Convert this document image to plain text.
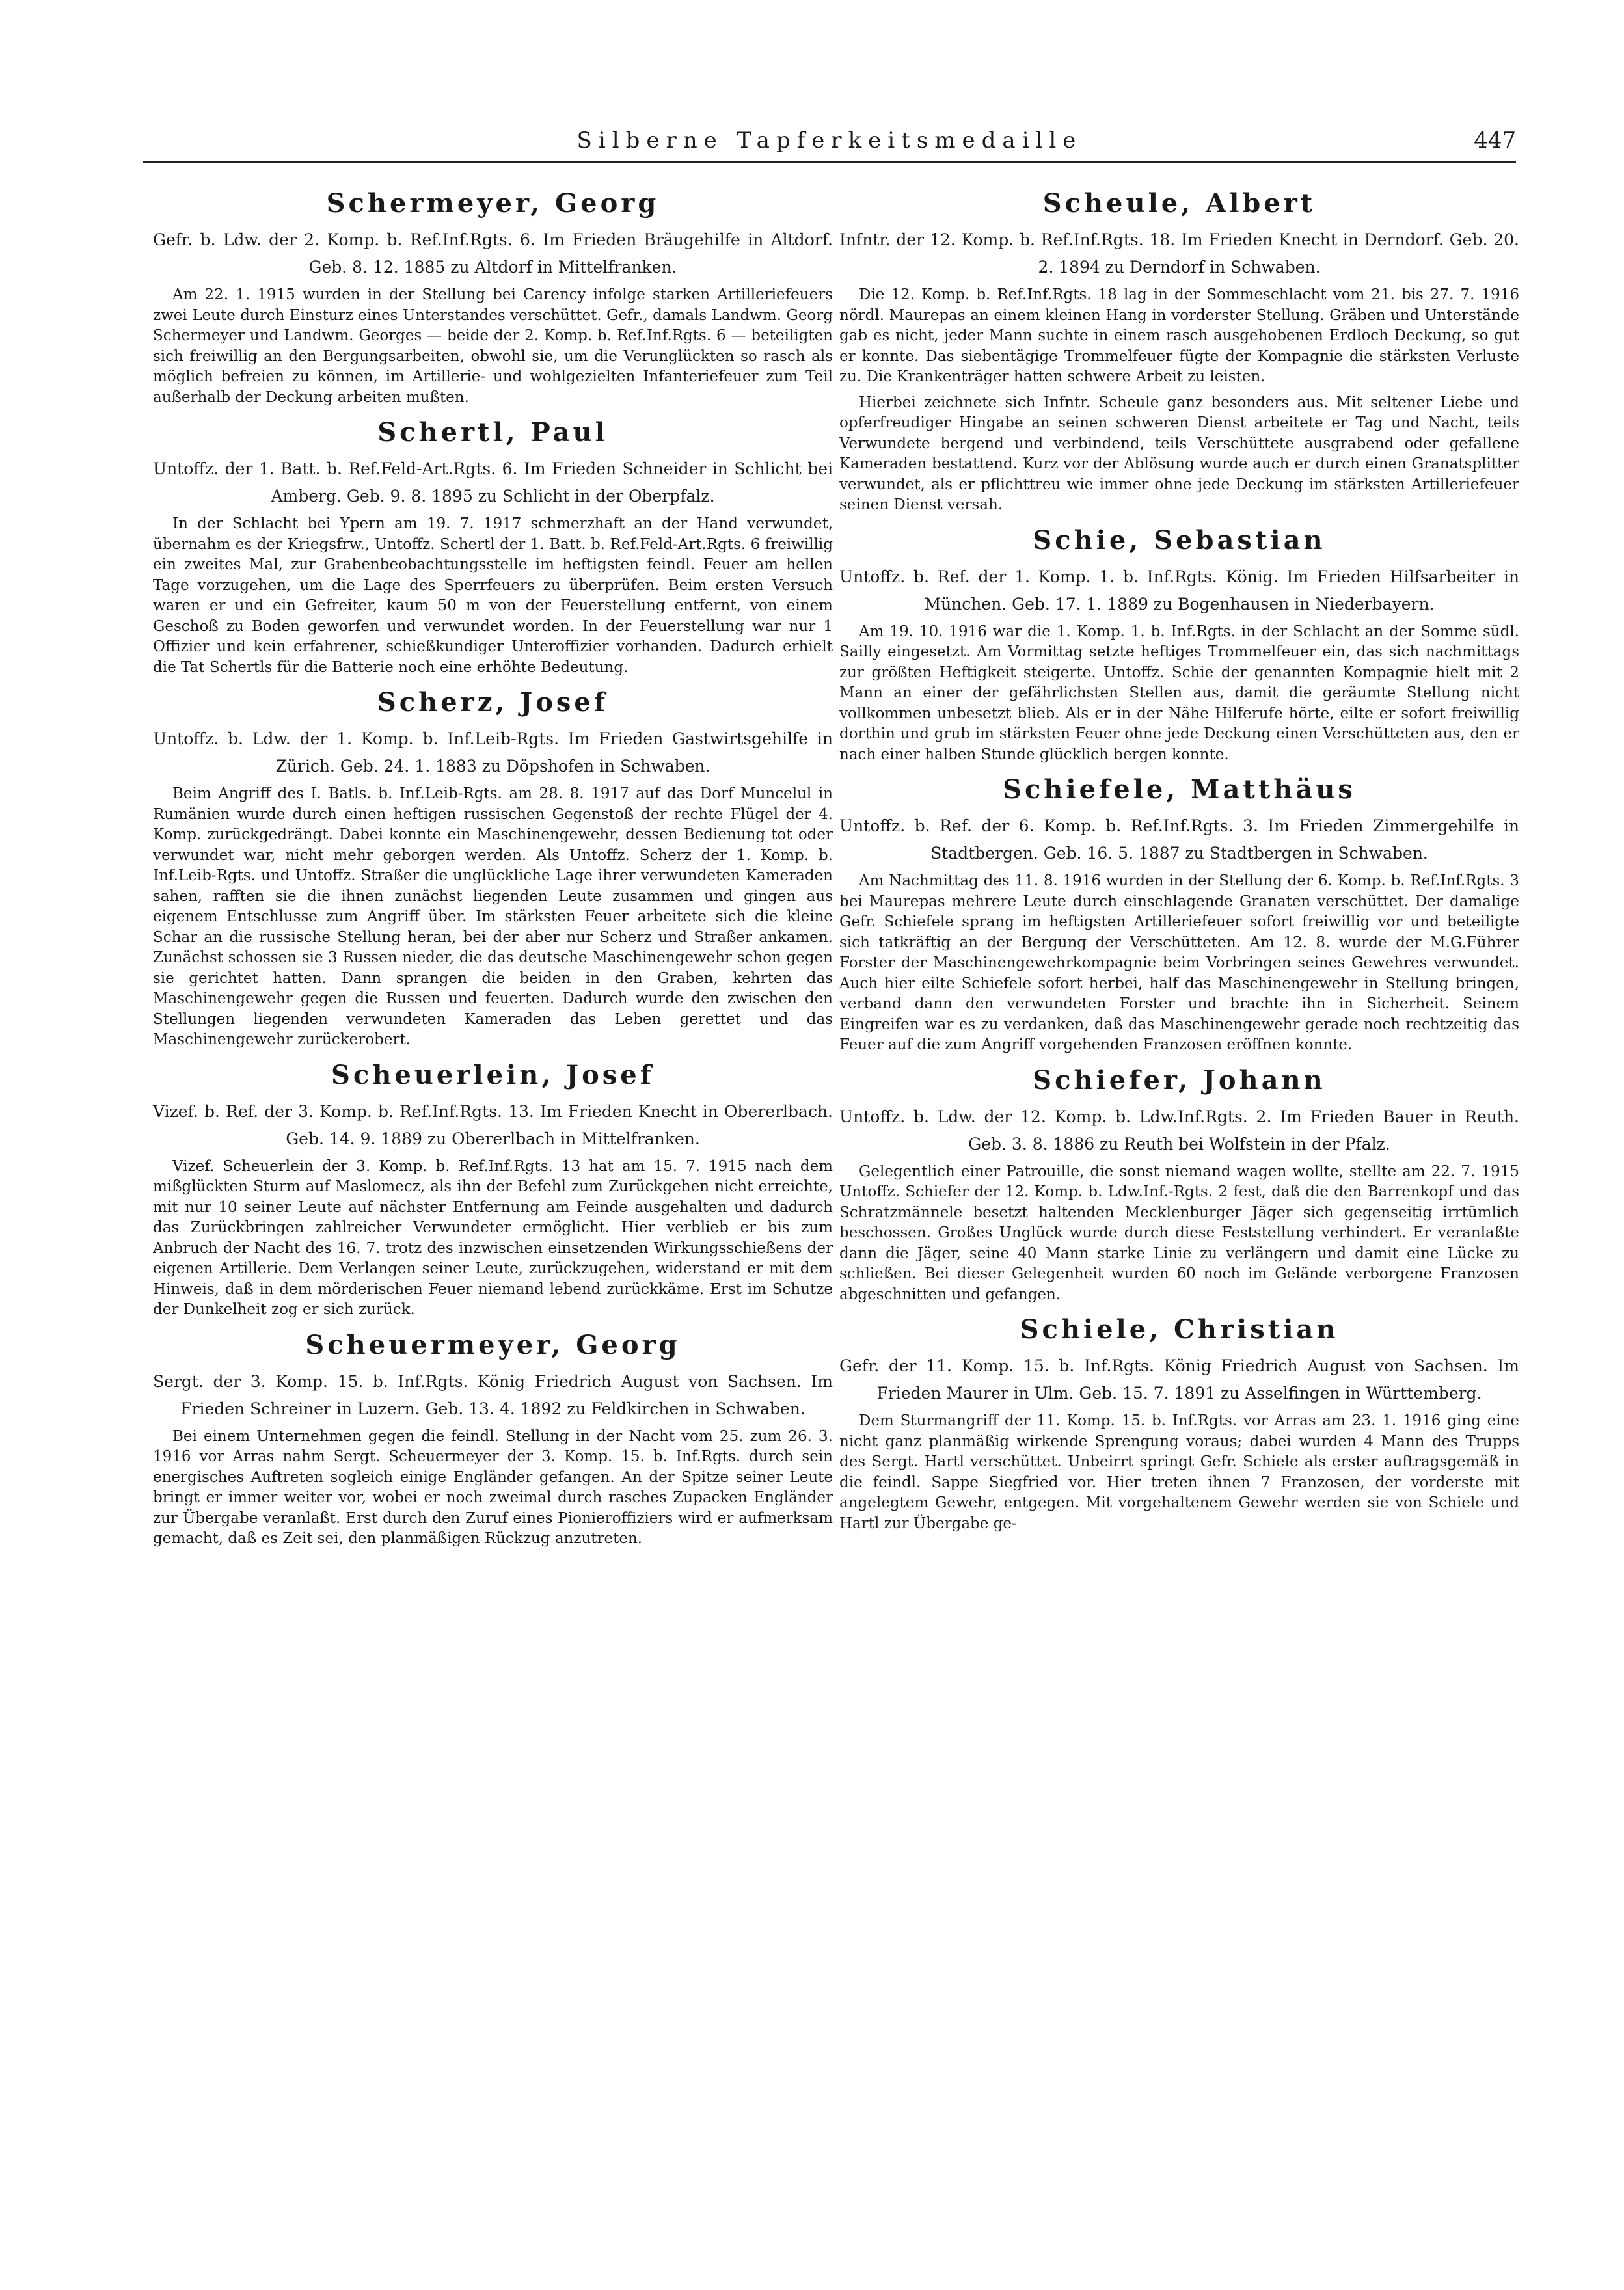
Silberne Tapferkeitsmedaille	447
Schermeyer, Georg
Gefr. b. Ldw. der 2. Komp. b. Ref.Inf.Rgts. 6. Im Frieden Bräugehilfe in Altdorf. Geb. 8. 12. 1885 zu Altdorf in Mittelfranken.
Am 22. 1. 1915 wurden in der Stellung bei Carency infolge starken Artilleriefeuers zwei Leute durch Einsturz eines Unterstandes verschüttet. Gefr., damals Landwm. Georg Schermeyer und Landwm. Georges — beide der 2. Komp. b. Ref.Inf.Rgts. 6 — beteiligten sich freiwillig an den Bergungsarbeiten, obwohl sie, um die Verunglückten so rasch als möglich befreien zu können, im Artillerie- und wohlgezielten Infanteriefeuer zum Teil außerhalb der Deckung arbeiten mußten.
Schertl, Paul
Untoffz. der 1. Batt. b. Ref.Feld-Art.Rgts. 6. Im Frieden Schneider in Schlicht bei Amberg. Geb. 9. 8. 1895 zu Schlicht in der Oberpfalz.
In der Schlacht bei Ypern am 19. 7. 1917 schmerzhaft an der Hand verwundet, übernahm es der Kriegsfrw., Untoffz. Schertl der 1. Batt. b. Ref.Feld-Art.Rgts. 6 freiwillig ein zweites Mal, zur Grabenbeobachtungsstelle im heftigsten feindl. Feuer am hellen Tage vorzugehen, um die Lage des Sperrfeuers zu überprüfen. Beim ersten Versuch waren er und ein Gefreiter, kaum 50 m von der Feuerstellung entfernt, von einem Geschoß zu Boden geworfen und verwundet worden. In der Feuerstellung war nur 1 Offizier und kein erfahrener, schießkundiger Unteroffizier vorhanden. Dadurch erhielt die Tat Schertls für die Batterie noch eine erhöhte Bedeutung.
Scherz, Josef
Untoffz. b. Ldw. der 1. Komp. b. Inf.Leib-Rgts. Im Frieden Gastwirtsgehilfe in Zürich. Geb. 24. 1. 1883 zu Döpshofen in Schwaben.
Beim Angriff des I. Batls. b. Inf.Leib-Rgts. am 28. 8. 1917 auf das Dorf Muncelul in Rumänien wurde durch einen heftigen russischen Gegenstoß der rechte Flügel der 4. Komp. zurückgedrängt. Dabei konnte ein Maschinengewehr, dessen Bedienung tot oder verwundet war, nicht mehr geborgen werden. Als Untoffz. Scherz der 1. Komp. b. Inf.Leib-Rgts. und Untoffz. Straßer die unglückliche Lage ihrer verwundeten Kameraden sahen, rafften sie die ihnen zunächst liegenden Leute zusammen und gingen aus eigenem Entschlusse zum Angriff über. Im stärksten Feuer arbeitete sich die kleine Schar an die russische Stellung heran, bei der aber nur Scherz und Straßer ankamen. Zunächst schossen sie 3 Russen nieder, die das deutsche Maschinengewehr schon gegen sie gerichtet hatten. Dann sprangen die beiden in den Graben, kehrten das Maschinengewehr gegen die Russen und feuerten. Dadurch wurde den zwischen den Stellungen liegenden verwundeten Kameraden das Leben gerettet und das Maschinengewehr zurückerobert.
Scheuerlein, Josef
Vizef. b. Ref. der 3. Komp. b. Ref.Inf.Rgts. 13. Im Frieden Knecht in Obererlbach. Geb. 14. 9. 1889 zu Obererlbach in Mittelfranken.
Vizef. Scheuerlein der 3. Komp. b. Ref.Inf.Rgts. 13 hat am 15. 7. 1915 nach dem mißglückten Sturm auf Maslomecz, als ihn der Befehl zum Zurückgehen nicht erreichte, mit nur 10 seiner Leute auf nächster Entfernung am Feinde ausgehalten und dadurch das Zurückbringen zahlreicher Verwundeter ermöglicht. Hier verblieb er bis zum Anbruch der Nacht des 16. 7. trotz des inzwischen einsetzenden Wirkungsschießens der eigenen Artillerie. Dem Verlangen seiner Leute, zurückzugehen, widerstand er mit dem Hinweis, daß in dem mörderischen Feuer niemand lebend zurückkäme. Erst im Schutze der Dunkelheit zog er sich zurück.
Scheuermeyer, Georg
Sergt. der 3. Komp. 15. b. Inf.Rgts. König Friedrich August von Sachsen. Im Frieden Schreiner in Luzern. Geb. 13. 4. 1892 zu Feldkirchen in Schwaben.
Bei einem Unternehmen gegen die feindl. Stellung in der Nacht vom 25. zum 26. 3. 1916 vor Arras nahm Sergt. Scheuermeyer der 3. Komp. 15. b. Inf.Rgts. durch sein energisches Auftreten sogleich einige Engländer gefangen. An der Spitze seiner Leute bringt er immer weiter vor, wobei er noch zweimal durch rasches Zupacken Engländer zur Übergabe veranlaßt. Erst durch den Zuruf eines Pionieroffiziers wird er aufmerksam gemacht, daß es Zeit sei, den planmäßigen Rückzug anzutreten.
Scheule, Albert
Infntr. der 12. Komp. b. Ref.Inf.Rgts. 18. Im Frieden Knecht in Derndorf. Geb. 20. 2. 1894 zu Derndorf in Schwaben.
Die 12. Komp. b. Ref.Inf.Rgts. 18 lag in der Sommeschlacht vom 21. bis 27. 7. 1916 nördl. Maurepas an einem kleinen Hang in vorderster Stellung. Gräben und Unterstände gab es nicht, jeder Mann suchte in einem rasch ausgehobenen Erdloch Deckung, so gut er konnte. Das siebentägige Trommelfeuer fügte der Kompagnie die stärksten Verluste zu. Die Krankenträger hatten schwere Arbeit zu leisten.
Hierbei zeichnete sich Infntr. Scheule ganz besonders aus. Mit seltener Liebe und opferfreudiger Hingabe an seinen schweren Dienst arbeitete er Tag und Nacht, teils Verwundete bergend und verbindend, teils Verschüttete ausgrabend oder gefallene Kameraden bestattend. Kurz vor der Ablösung wurde auch er durch einen Granatsplitter verwundet, als er pflichttreu wie immer ohne jede Deckung im stärksten Artilleriefeuer seinen Dienst versah.
Schie, Sebastian
Untoffz. b. Ref. der 1. Komp. 1. b. Inf.Rgts. König. Im Frieden Hilfsarbeiter in München. Geb. 17. 1. 1889 zu Bogenhausen in Niederbayern.
Am 19. 10. 1916 war die 1. Komp. 1. b. Inf.Rgts. in der Schlacht an der Somme südl. Sailly eingesetzt. Am Vormittag setzte heftiges Trommelfeuer ein, das sich nachmittags zur größten Heftigkeit steigerte. Untoffz. Schie der genannten Kompagnie hielt mit 2 Mann an einer der gefährlichsten Stellen aus, damit die geräumte Stellung nicht vollkommen unbesetzt blieb. Als er in der Nähe Hilferufe hörte, eilte er sofort freiwillig dorthin und grub im stärksten Feuer ohne jede Deckung einen Verschütteten aus, den er nach einer halben Stunde glücklich bergen konnte.
Schiefele, Matthäus
Untoffz. b. Ref. der 6. Komp. b. Ref.Inf.Rgts. 3. Im Frieden Zimmergehilfe in Stadtbergen. Geb. 16. 5. 1887 zu Stadtbergen in Schwaben.
Am Nachmittag des 11. 8. 1916 wurden in der Stellung der 6. Komp. b. Ref.Inf.Rgts. 3 bei Maurepas mehrere Leute durch einschlagende Granaten verschüttet. Der damalige Gefr. Schiefele sprang im heftigsten Artilleriefeuer sofort freiwillig vor und beteiligte sich tatkräftig an der Bergung der Verschütteten. Am 12. 8. wurde der M.G.Führer Forster der Maschinengewehrkompagnie beim Vorbringen seines Gewehres verwundet. Auch hier eilte Schiefele sofort herbei, half das Maschinengewehr in Stellung bringen, verband dann den verwundeten Forster und brachte ihn in Sicherheit. Seinem Eingreifen war es zu verdanken, daß das Maschinengewehr gerade noch rechtzeitig das Feuer auf die zum Angriff vorgehenden Franzosen eröffnen konnte.
Schiefer, Johann
Untoffz. b. Ldw. der 12. Komp. b. Ldw.Inf.Rgts. 2. Im Frieden Bauer in Reuth. Geb. 3. 8. 1886 zu Reuth bei Wolfstein in der Pfalz.
Gelegentlich einer Patrouille, die sonst niemand wagen wollte, stellte am 22. 7. 1915 Untoffz. Schiefer der 12. Komp. b. Ldw.Inf.-Rgts. 2 fest, daß die den Barrenkopf und das Schratzmännele besetzt haltenden Mecklenburger Jäger sich gegenseitig irrtümlich beschossen. Großes Unglück wurde durch diese Feststellung verhindert. Er veranlaßte dann die Jäger, seine 40 Mann starke Linie zu verlängern und damit eine Lücke zu schließen. Bei dieser Gelegenheit wurden 60 noch im Gelände verborgene Franzosen abgeschnitten und gefangen.
Schiele, Christian
Gefr. der 11. Komp. 15. b. Inf.Rgts. König Friedrich August von Sachsen. Im Frieden Maurer in Ulm. Geb. 15. 7. 1891 zu Asselfingen in Württemberg.
Dem Sturmangriff der 11. Komp. 15. b. Inf.Rgts. vor Arras am 23. 1. 1916 ging eine nicht ganz planmäßig wirkende Sprengung voraus; dabei wurden 4 Mann des Trupps des Sergt. Hartl verschüttet. Unbeirrt springt Gefr. Schiele als erster auftragsgemäß in die feindl. Sappe Siegfried vor. Hier treten ihnen 7 Franzosen, der vorderste mit angelegtem Gewehr, entgegen. Mit vorgehaltenem Gewehr werden sie von Schiele und Hartl zur Übergabe ge-
